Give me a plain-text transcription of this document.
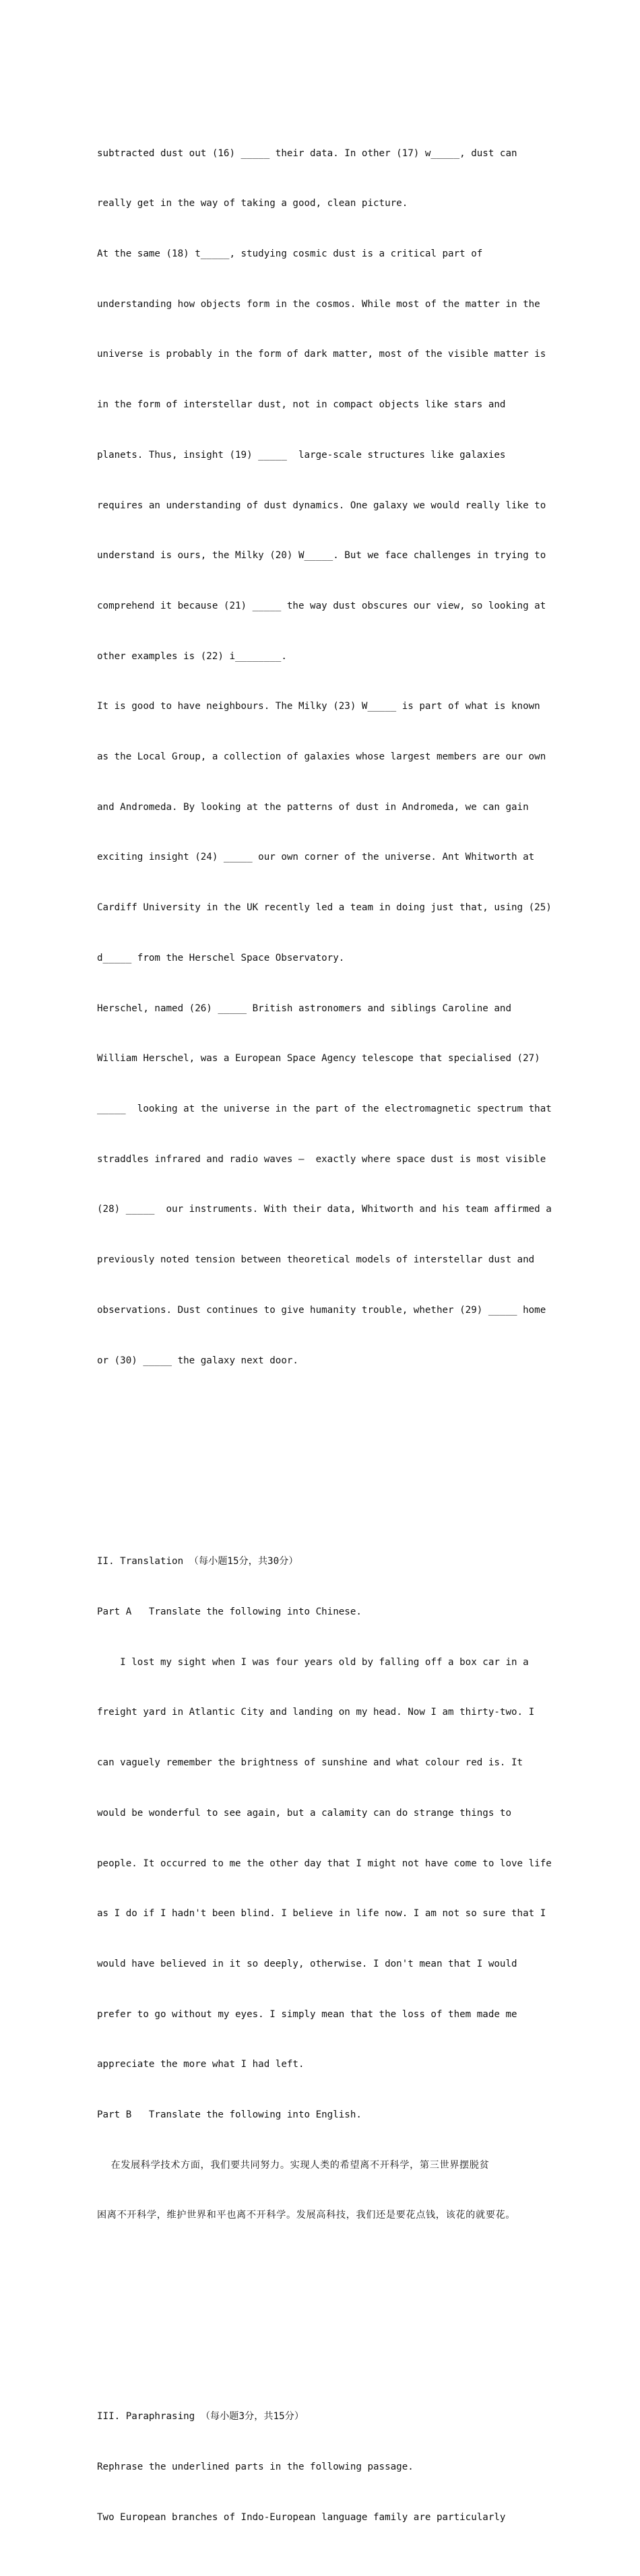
subtracted dust out (16) _____ their data. In other (17) w_____, dust can

really get in the way of taking a good, clean picture.

At the same (18) t_____, studying cosmic dust is a critical part of

understanding how objects form in the cosmos. While most of the matter in the

universe is probably in the form of dark matter, most of the visible matter is

in the form of interstellar dust, not in compact objects like stars and

planets. Thus, insight (19) _____  large-scale structures like galaxies

requires an understanding of dust dynamics. One galaxy we would really like to

understand is ours, the Milky (20) W_____. But we face challenges in trying to

comprehend it because (21) _____ the way dust obscures our view, so looking at

other examples is (22) i________.

It is good to have neighbours. The Milky (23) W_____ is part of what is known

as the Local Group, a collection of galaxies whose largest members are our own

and Andromeda. By looking at the patterns of dust in Andromeda, we can gain

exciting insight (24) _____ our own corner of the universe. Ant Whitworth at

Cardiff University in the UK recently led a team in doing just that, using (25)

d_____ from the Herschel Space Observatory.

Herschel, named (26) _____ British astronomers and siblings Caroline and

William Herschel, was a European Space Agency telescope that specialised (27)

_____  looking at the universe in the part of the electromagnetic spectrum that

straddles infrared and radio waves –  exactly where space dust is most visible

(28) _____  our instruments. With their data, Whitworth and his team affirmed a

previously noted tension between theoretical models of interstellar dust and

observations. Dust continues to give humanity trouble, whether (29) _____ home

or (30) _____ the galaxy next door.

II. Translation （每小题15分，共30分）

Part A   Translate the following into Chinese.

I lost my sight when I was four years old by falling off a box car in a

freight yard in Atlantic City and landing on my head. Now I am thirty-two. I

can vaguely remember the brightness of sunshine and what colour red is. It

would be wonderful to see again, but a calamity can do strange things to

people. It occurred to me the other day that I might not have come to love life

as I do if I hadn't been blind. I believe in life now. I am not so sure that I

would have believed in it so deeply, otherwise. I don't mean that I would

prefer to go without my eyes. I simply mean that the loss of them made me

appreciate the more what I had left.

Part B   Translate the following into English.

在发展科学技术方面，我们要共同努力。实现人类的希望离不开科学，第三世界摆脱贫

困离不开科学，维护世界和平也离不开科学。发展高科技，我们还是要花点钱，该花的就要花。

III. Paraphrasing （每小题3分，共15分）

Rephrase the underlined parts in the following passage.

Two European branches of Indo-European language family are particularly
